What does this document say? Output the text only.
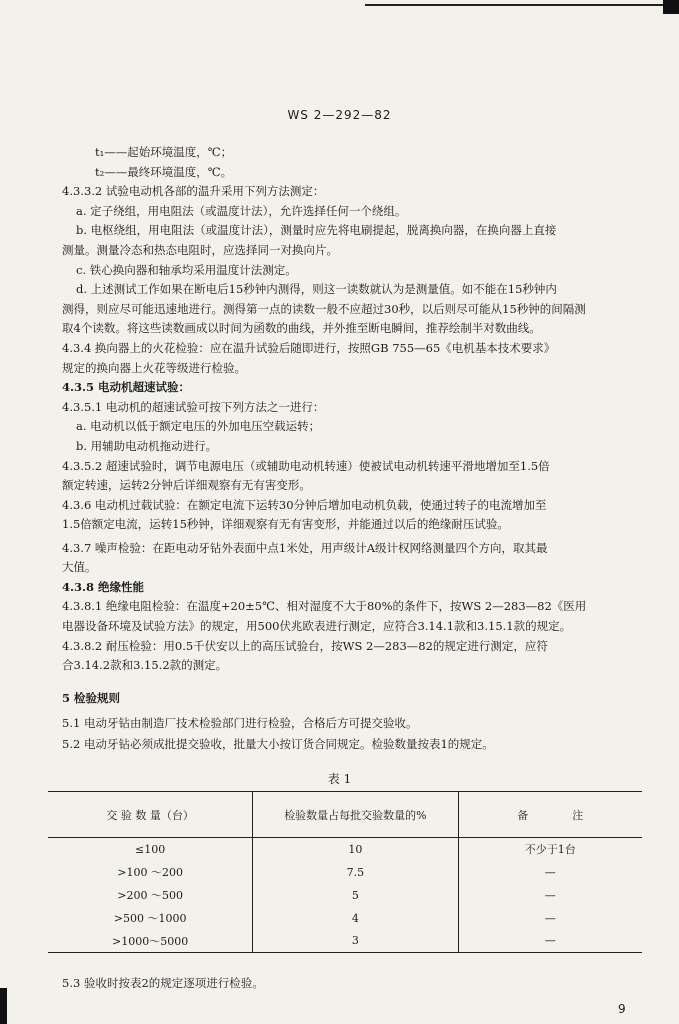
WS 2—292—82
t₁——起始环境温度，℃；
t₂——最终环境温度，℃。
4.3.3.2 试验电动机各部的温升采用下列方法测定：
a. 定子绕组，用电阻法（或温度计法），允许选择任何一个绕组。
b. 电枢绕组，用电阻法（或温度计法），测量时应先将电刷提起，脱离换向器，在换向器上直接
测量。测量冷态和热态电阻时，应选择同一对换向片。
c. 铁心换向器和轴承均采用温度计法测定。
d. 上述测试工作如果在断电后15秒钟内测得，则这一读数就认为是测量值。如不能在15秒钟内
测得，则应尽可能迅速地进行。测得第一点的读数一般不应超过30秒，以后则尽可能从15秒钟的间隔测
取4个读数。将这些读数画成以时间为函数的曲线，并外推至断电瞬间，推荐绘制半对数曲线。
4.3.4 换向器上的火花检验：应在温升试验后随即进行，按照GB 755—65《电机基本技术要求》
规定的换向器上火花等级进行检验。
4.3.5 电动机超速试验：
4.3.5.1 电动机的超速试验可按下列方法之一进行：
a. 电动机以低于额定电压的外加电压空载运转；
b. 用辅助电动机拖动进行。
4.3.5.2 超速试验时，调节电源电压（或辅助电动机转速）使被试电动机转速平滑地增加至1.5倍
额定转速，运转2分钟后详细观察有无有害变形。
4.3.6 电动机过载试验：在额定电流下运转30分钟后增加电动机负载，使通过转子的电流增加至
1.5倍额定电流，运转15秒钟，详细观察有无有害变形，并能通过以后的绝缘耐压试验。
4.3.7 噪声检验：在距电动牙钻外表面中点1米处，用声级计A级计权网络测量四个方向，取其最
大值。
4.3.8 绝缘性能
4.3.8.1 绝缘电阻检验：在温度+20±5℃、相对湿度不大于80%的条件下，按WS 2—283—82《医用
电器设备环境及试验方法》的规定，用500伏兆欧表进行测定，应符合3.14.1款和3.15.1款的规定。
4.3.8.2 耐压检验：用0.5千伏安以上的高压试验台，按WS 2—283—82的规定进行测定，应符
合3.14.2款和3.15.2款的测定。
5 检验规则
5.1 电动牙钻由制造厂技术检验部门进行检验，合格后方可提交验收。
5.2 电动牙钻必须成批提交验收，批量大小按订货合同规定。检验数量按表1的规定。
表 1
交 验 数 量（台）	检验数量占每批交验数量的%	备　　　　注
≤100	10	不少于1台
>100 ～200	7.5	—
>200 ～500	5	—
>500 ～1000	4	—
>1000～5000	3	—
5.3 验收时按表2的规定逐项进行检验。
9
